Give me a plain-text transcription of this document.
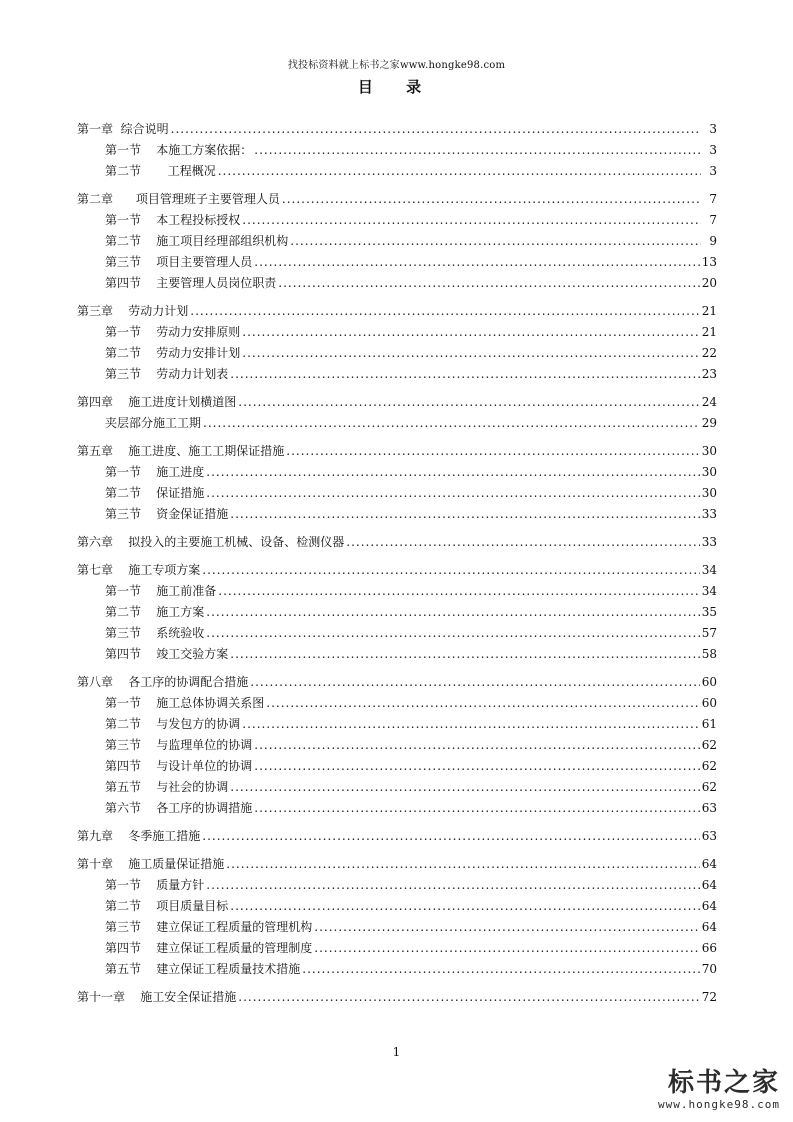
找投标资料就上标书之家www.hongke98.com
目 录
第一章 综合说明 .....	3
第一节 本施工方案依据： .....	3
第二节 工程概况 .....	3
第二章 项目管理班子主要管理人员 .....	7
第一节 本工程投标授权 .....	7
第二节 施工项目经理部组织机构 .....	9
第三节 项目主要管理人员 .....	13
第四节 主要管理人员岗位职责 .....	20
第三章 劳动力计划 .....	21
第一节 劳动力安排原则 .....	21
第二节 劳动力安排计划 .....	22
第三节 劳动力计划表 .....	23
第四章 施工进度计划横道图 .....	24
夹层部分施工工期 .....	29
第五章 施工进度、施工工期保证措施 .....	30
第一节 施工进度 .....	30
第二节 保证措施 .....	30
第三节 资金保证措施 .....	33
第六章 拟投入的主要施工机械、设备、检测仪器 .....	33
第七章 施工专项方案 .....	34
第一节 施工前准备 .....	34
第二节 施工方案 .....	35
第三节 系统验收 .....	57
第四节 竣工交验方案 .....	58
第八章 各工序的协调配合措施 .....	60
第一节 施工总体协调关系图 .....	60
第二节 与发包方的协调 .....	61
第三节 与监理单位的协调 .....	62
第四节 与设计单位的协调 .....	62
第五节 与社会的协调 .....	62
第六节 各工序的协调措施 .....	63
第九章 冬季施工措施 .....	63
第十章 施工质量保证措施 .....	64
第一节 质量方针 .....	64
第二节 项目质量目标 .....	64
第三节 建立保证工程质量的管理机构 .....	64
第四节 建立保证工程质量的管理制度 .....	66
第五节 建立保证工程质量技术措施 .....	70
第十一章 施工安全保证措施 .....	72
1
标书之家
www.hongke98.com
